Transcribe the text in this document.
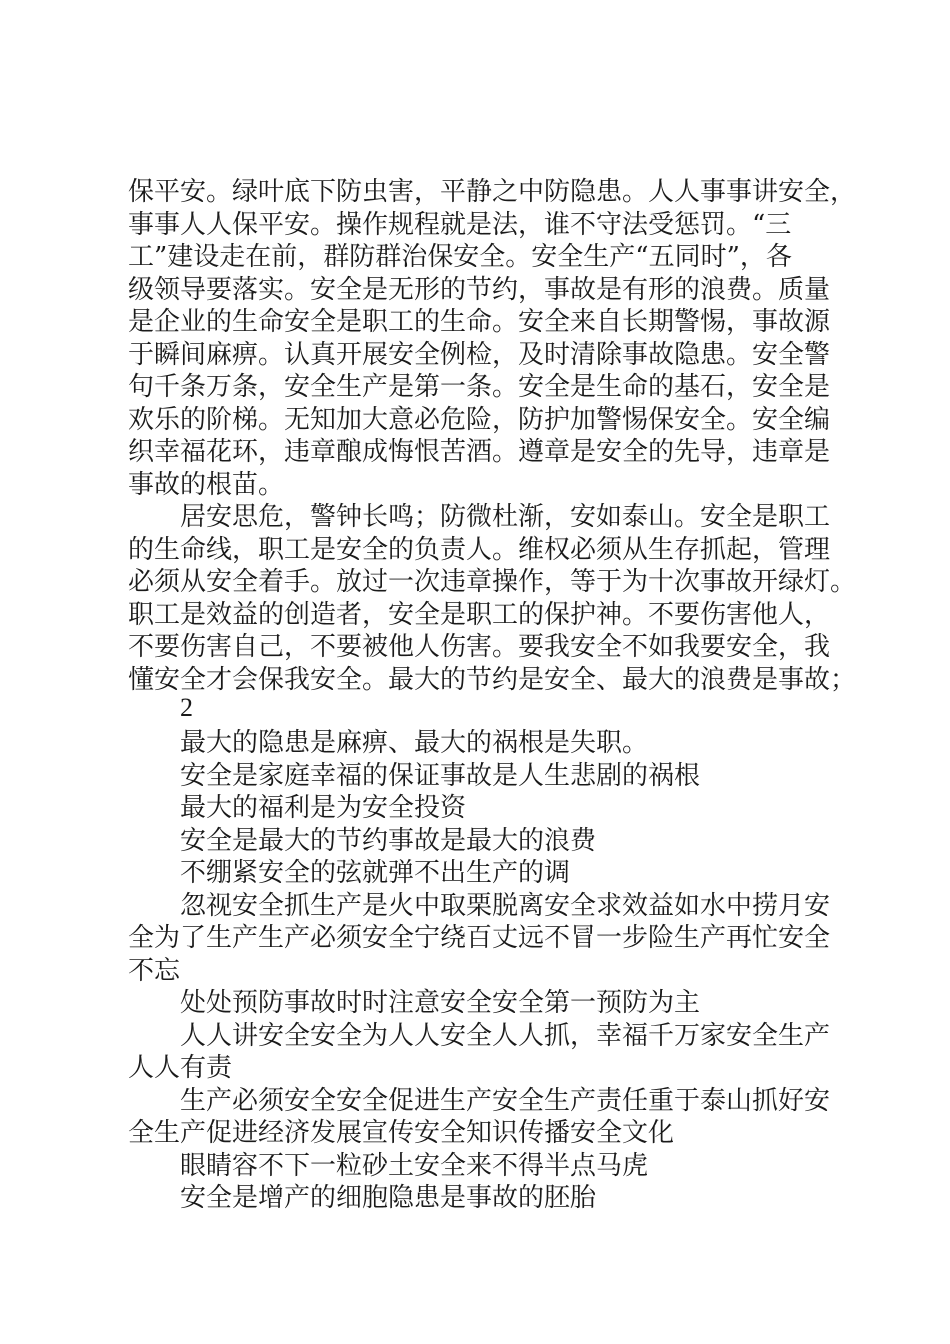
保平安。绿叶底下防虫害，平静之中防隐患。人人事事讲安全，
事事人人保平安。操作规程就是法，谁不守法受惩罚。“三
工”建设走在前，群防群治保安全。安全生产“五同时”，各
级领导要落实。安全是无形的节约，事故是有形的浪费。质量
是企业的生命安全是职工的生命。安全来自长期警惕，事故源
于瞬间麻痹。认真开展安全例检，及时清除事故隐患。安全警
句千条万条，安全生产是第一条。安全是生命的基石，安全是
欢乐的阶梯。无知加大意必危险，防护加警惕保安全。安全编
织幸福花环，违章酿成悔恨苦酒。遵章是安全的先导，违章是
事故的根苗。
居安思危，警钟长鸣；防微杜渐，安如泰山。安全是职工
的生命线，职工是安全的负责人。维权必须从生存抓起，管理
必须从安全着手。放过一次违章操作，等于为十次事故开绿灯。
职工是效益的创造者，安全是职工的保护神。不要伤害他人，
不要伤害自己，不要被他人伤害。要我安全不如我要安全，我
懂安全才会保我安全。最大的节约是安全、最大的浪费是事故；
2
最大的隐患是麻痹、最大的祸根是失职。
安全是家庭幸福的保证事故是人生悲剧的祸根
最大的福利是为安全投资
安全是最大的节约事故是最大的浪费
不绷紧安全的弦就弹不出生产的调
忽视安全抓生产是火中取栗脱离安全求效益如水中捞月安
全为了生产生产必须安全宁绕百丈远不冒一步险生产再忙安全
不忘
处处预防事故时时注意安全安全第一预防为主
人人讲安全安全为人人安全人人抓，幸福千万家安全生产
人人有责
生产必须安全安全促进生产安全生产责任重于泰山抓好安
全生产促进经济发展宣传安全知识传播安全文化
眼睛容不下一粒砂土安全来不得半点马虎
安全是增产的细胞隐患是事故的胚胎
